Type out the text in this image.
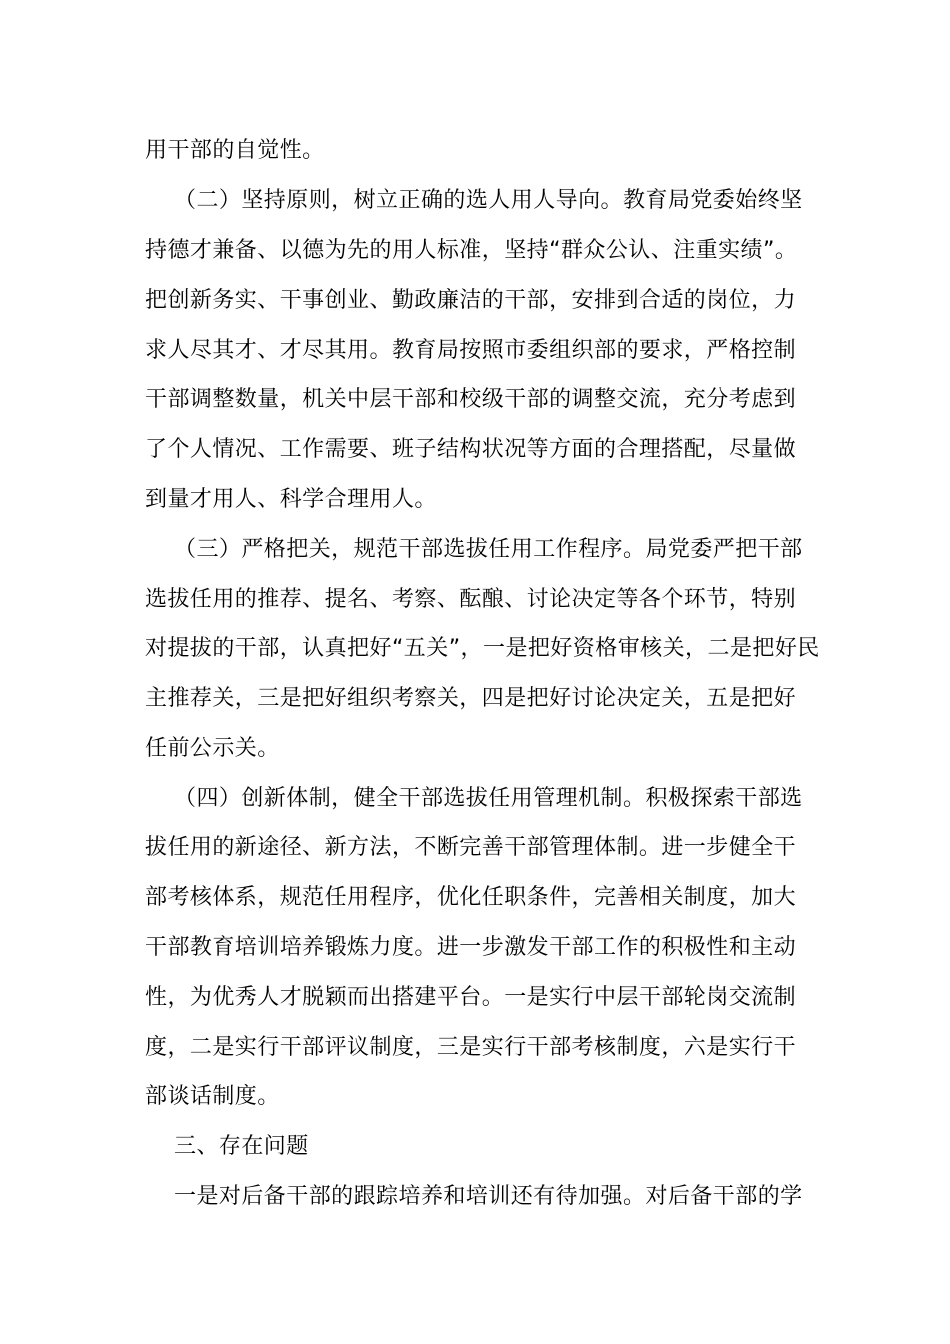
用干部的自觉性。
（二）坚持原则，树立正确的选人用人导向。教育局党委始终坚
持德才兼备、以德为先的用人标准，坚持“群众公认、注重实绩”。
把创新务实、干事创业、勤政廉洁的干部，安排到合适的岗位，力
求人尽其才、才尽其用。教育局按照市委组织部的要求，严格控制
干部调整数量，机关中层干部和校级干部的调整交流，充分考虑到
了个人情况、工作需要、班子结构状况等方面的合理搭配，尽量做
到量才用人、科学合理用人。
（三）严格把关，规范干部选拔任用工作程序。局党委严把干部
选拔任用的推荐、提名、考察、酝酿、讨论决定等各个环节，特别
对提拔的干部，认真把好“五关”，一是把好资格审核关，二是把好民
主推荐关，三是把好组织考察关，四是把好讨论决定关，五是把好
任前公示关。
（四）创新体制，健全干部选拔任用管理机制。积极探索干部选
拔任用的新途径、新方法，不断完善干部管理体制。进一步健全干
部考核体系，规范任用程序，优化任职条件，完善相关制度，加大
干部教育培训培养锻炼力度。进一步激发干部工作的积极性和主动
性，为优秀人才脱颖而出搭建平台。一是实行中层干部轮岗交流制
度，二是实行干部评议制度，三是实行干部考核制度，六是实行干
部谈话制度。
三、存在问题
一是对后备干部的跟踪培养和培训还有待加强。对后备干部的学
